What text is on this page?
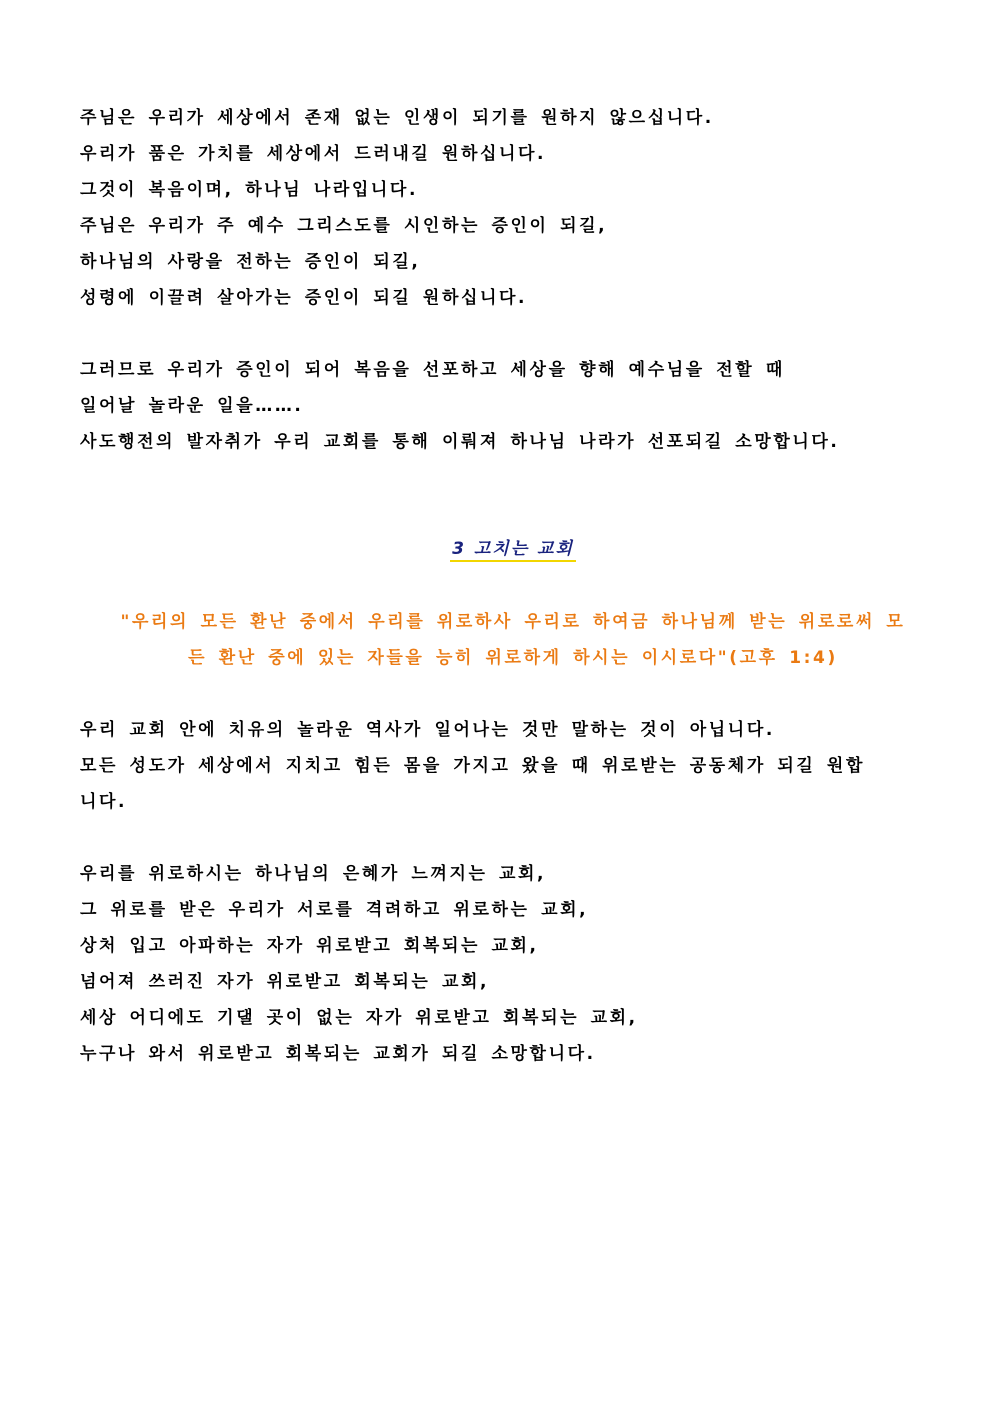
주님은 우리가 세상에서 존재 없는 인생이 되기를 원하지 않으십니다.
우리가 품은 가치를 세상에서 드러내길 원하십니다.
그것이 복음이며, 하나님 나라입니다.
주님은 우리가 주 예수 그리스도를 시인하는 증인이 되길,
하나님의 사랑을 전하는 증인이 되길,
성령에 이끌려 살아가는 증인이 되길 원하십니다.
그러므로 우리가 증인이 되어 복음을 선포하고 세상을 향해 예수님을 전할 때
일어날 놀라운 일을…….
사도행전의 발자취가 우리 교회를 통해 이뤄져 하나님 나라가 선포되길 소망합니다.
3 고치는 교회
"우리의 모든 환난 중에서 우리를 위로하사 우리로 하여금 하나님께 받는 위로로써 모
든 환난 중에 있는 자들을 능히 위로하게 하시는 이시로다"(고후 1:4)
우리 교회 안에 치유의 놀라운 역사가 일어나는 것만 말하는 것이 아닙니다.
모든 성도가 세상에서 지치고 힘든 몸을 가지고 왔을 때 위로받는 공동체가 되길 원합
니다.
우리를 위로하시는 하나님의 은혜가 느껴지는 교회,
그 위로를 받은 우리가 서로를 격려하고 위로하는 교회,
상처 입고 아파하는 자가 위로받고 회복되는 교회,
넘어져 쓰러진 자가 위로받고 회복되는 교회,
세상 어디에도 기댈 곳이 없는 자가 위로받고 회복되는 교회,
누구나 와서 위로받고 회복되는 교회가 되길 소망합니다.
